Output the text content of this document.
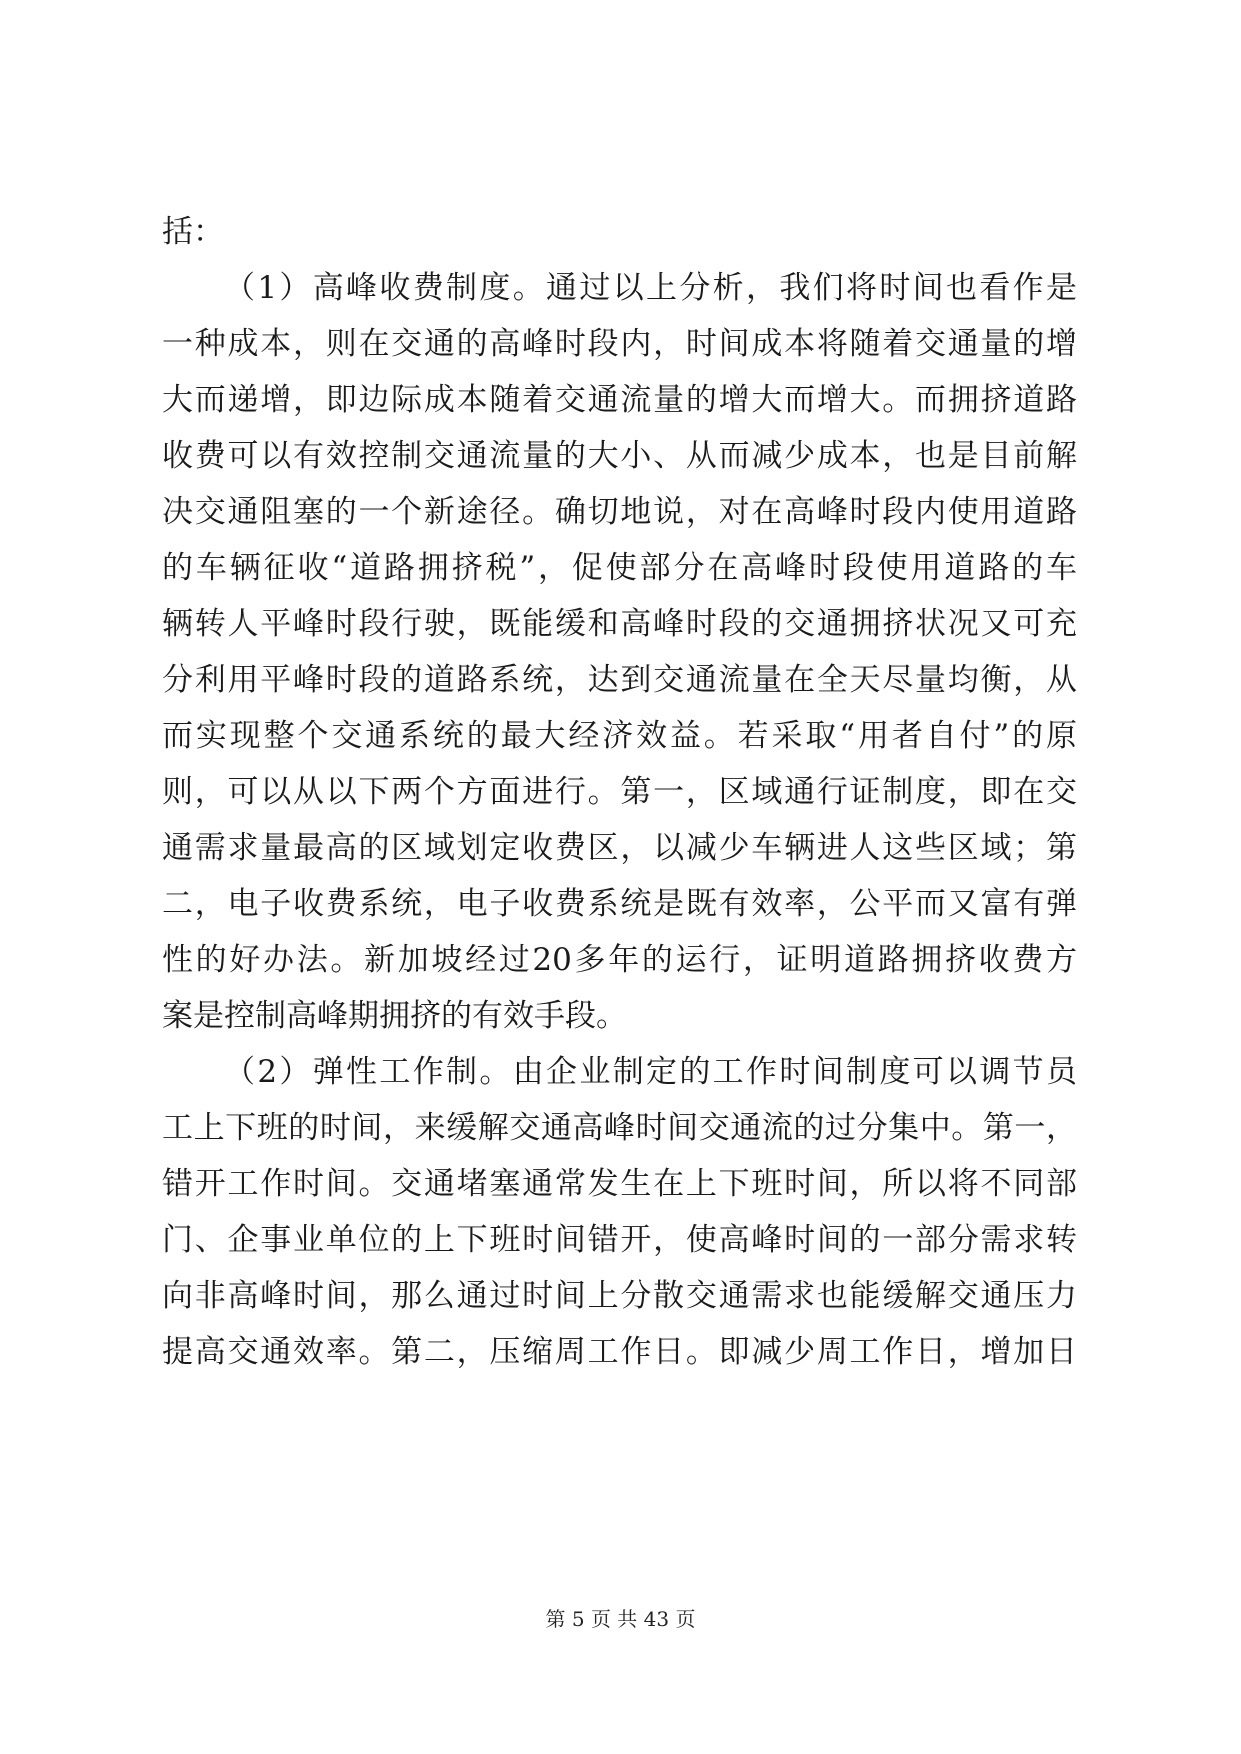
括：
（1）高峰收费制度。通过以上分析，我们将时间也看作是
一种成本，则在交通的高峰时段内，时间成本将随着交通量的增
大而递增，即边际成本随着交通流量的增大而增大。而拥挤道路
收费可以有效控制交通流量的大小、从而减少成本，也是目前解
决交通阻塞的一个新途径。确切地说，对在高峰时段内使用道路
的车辆征收“道路拥挤税”，促使部分在高峰时段使用道路的车
辆转人平峰时段行驶，既能缓和高峰时段的交通拥挤状况又可充
分利用平峰时段的道路系统，达到交通流量在全天尽量均衡，从
而实现整个交通系统的最大经济效益。若采取“用者自付”的原
则，可以从以下两个方面进行。第一，区域通行证制度，即在交
通需求量最高的区域划定收费区，以减少车辆进人这些区域；第
二，电子收费系统，电子收费系统是既有效率，公平而又富有弹
性的好办法。新加坡经过20多年的运行，证明道路拥挤收费方
案是控制高峰期拥挤的有效手段。
（2）弹性工作制。由企业制定的工作时间制度可以调节员
工上下班的时间，来缓解交通高峰时间交通流的过分集中。第一，
错开工作时间。交通堵塞通常发生在上下班时间，所以将不同部
门、企事业单位的上下班时间错开，使高峰时间的一部分需求转
向非高峰时间，那么通过时间上分散交通需求也能缓解交通压力
提高交通效率。第二，压缩周工作日。即减少周工作日，增加日
第 5 页 共 43 页
